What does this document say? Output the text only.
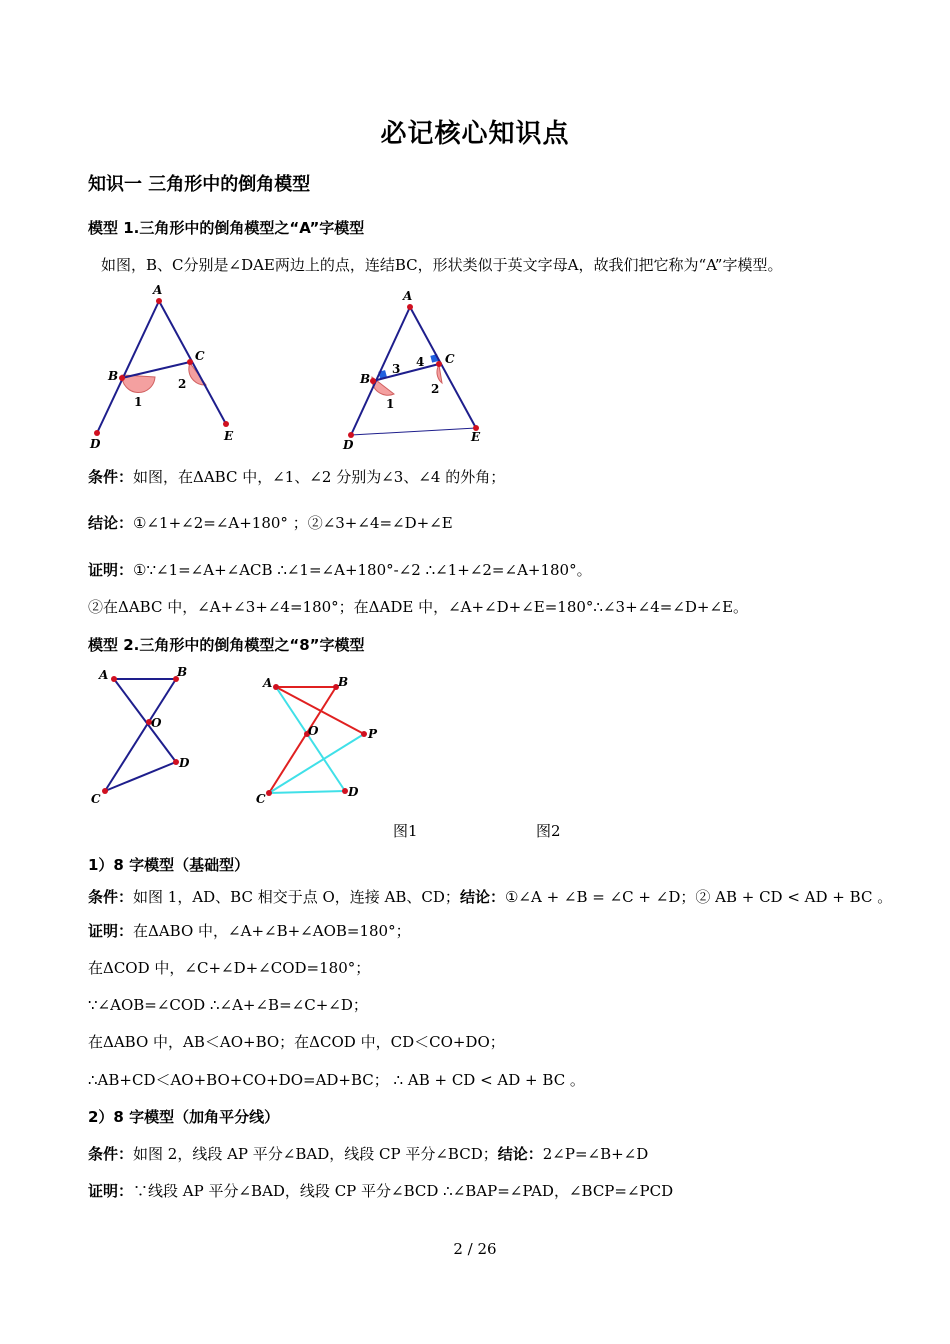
必记核心知识点
知识一 三角形中的倒角模型
模型 1.三角形中的倒角模型之“A”字模型
如图，B、C分别是∠DAE两边上的点，连结BC，形状类似于英文字母A，故我们把它称为“A”字模型。
A
B
C
D
E
1
2
A
B
C
D
E
1
2
3 4
条件：如图，在ΔABC 中，∠1、∠2 分别为∠3、∠4 的外角；
结论：①∠1+∠2=∠A+180° ；②∠3+∠4=∠D+∠E
证明：①∵∠1=∠A+∠ACB ∴∠1=∠A+180°-∠2 ∴∠1+∠2=∠A+180°。
②在ΔABC 中，∠A+∠3+∠4=180°；在ΔADE 中，∠A+∠D+∠E=180°∴∠3+∠4=∠D+∠E。
模型 2.三角形中的倒角模型之“8”字模型
A	B
O
D
C
A	B
O	P
C	D
图1	图2
1）8 字模型（基础型）
条件：如图 1，AD、BC 相交于点 O，连接 AB、CD；结论：①∠A + ∠B = ∠C + ∠D；② AB + CD < AD + BC 。
证明：在ΔABO 中，∠A+∠B+∠AOB=180°；
在ΔCOD 中，∠C+∠D+∠COD=180°；
∵∠AOB=∠COD ∴∠A+∠B=∠C+∠D；
在ΔABO 中，AB＜AO+BO；在ΔCOD 中，CD＜CO+DO；
∴AB+CD＜AO+BO+CO+DO=AD+BC； ∴ AB + CD < AD + BC 。
2）8 字模型（加角平分线）
条件：如图 2，线段 AP 平分∠BAD，线段 CP 平分∠BCD；结论：2∠P=∠B+∠D
证明：∵线段 AP 平分∠BAD，线段 CP 平分∠BCD ∴∠BAP=∠PAD，∠BCP=∠PCD
2 / 26
